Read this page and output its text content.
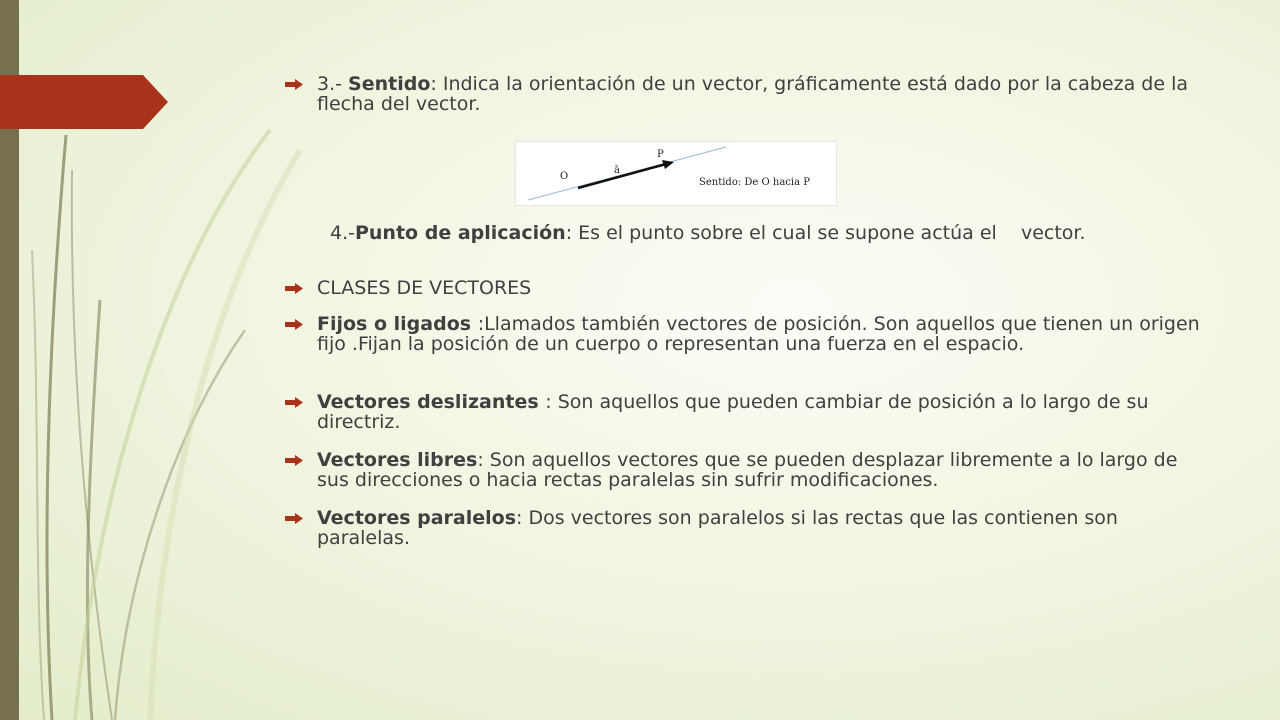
3.- Sentido: Indica la orientación de un vector, gráficamente está dado por la cabeza de la flecha del vector.
O
ā
P
Sentido: De O hacia P
4.-Punto de aplicación: Es el punto sobre el cual se supone actúa el vector.
CLASES DE VECTORES
Fijos o ligados :Llamados también vectores de posición. Son aquellos que tienen un origen fijo .Fijan la posición de un cuerpo o representan una fuerza en el espacio.
Vectores deslizantes : Son aquellos que pueden cambiar de posición a lo largo de su directriz.
Vectores libres: Son aquellos vectores que se pueden desplazar libremente a lo largo de sus direcciones o hacia rectas paralelas sin sufrir modificaciones.
Vectores paralelos: Dos vectores son paralelos si las rectas que las contienen son paralelas.
